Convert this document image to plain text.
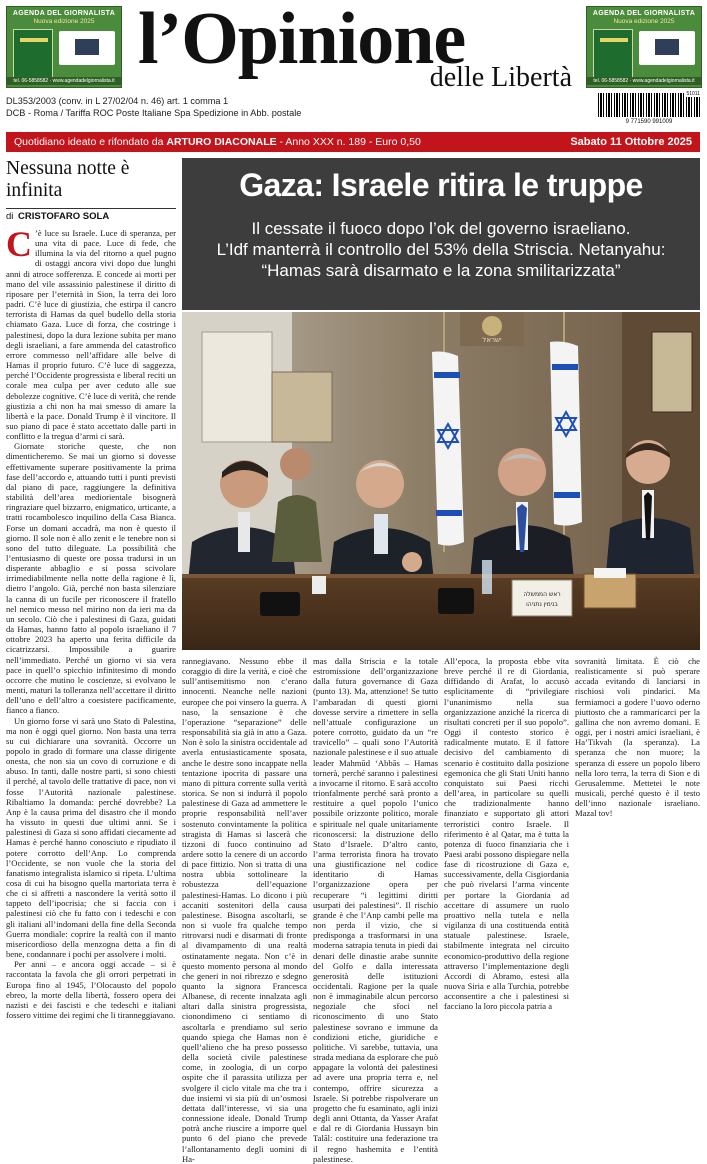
AGENDA DEL GIORNALISTA
Nuova edizione 2025
tel. 06-5858582 · www.agendadelgiornalista.it
l’Opinione
delle Libertà
AGENDA DEL GIORNALISTA
Nuova edizione 2025
tel. 06-5858582 · www.agendadelgiornalista.it
DL353/2003 (conv. in L 27/02/04 n. 46) art. 1 comma 1
DCB - Roma / Tariffa ROC Poste Italiane Spa Spedizione in Abb. postale
51011
9 771590 991009
Quotidiano ideato e rifondato da ARTURO DIACONALE - Anno XXX n. 189 - Euro 0,50	Sabato 11 Ottobre 2025
Nessuna notte è infinita
di CRISTOFARO SOLA

C ’è luce su Israele. Luce di speranza, per una vita di pace. Luce di fede, che illumina la via del ritorno a quel pugno di ostaggi ancora vivi dopo due lunghi anni di atroce sofferenza. E concede ai morti per mano del vile assassinio palestinese il diritto di riposare per l’eternità in Sion, la terra dei loro padri. C’è luce di giustizia, che estirpa il cancro terrorista di Hamas da quel budello della storia chiamato Gaza. Luce di forza, che costringe i palestinesi, dopo la dura lezione subita per mano degli israeliani, a fare ammenda del catastrofico errore commesso nell’affidare alle belve di Hamas il proprio futuro. C’è luce di saggezza, perché l’Occidente progressista e liberal reciti un corale mea culpa per aver ceduto alle sue debolezze cognitive. C’è luce di verità, che rende giustizia a chi non ha mai smesso di amare la libertà e la pace. Donald Trump è il vincitore. Il suo piano di pace è stato accettato dalle parti in conflitto e la tregua d’armi ci sarà.

Giornate storiche queste, che non dimenticheremo. Se mai un giorno si dovesse effettivamente superare positivamente la prima fase dell’accordo e, attuando tutti i punti previsti dal piano di pace, raggiungere la definitiva stabilità dell’area mediorientale bisognerà ringraziare quel bizzarro, enigmatico, urticante, a tratti rocambolesco inquilino della Casa Bianca. Forse un domani accadrà, ma non è questo il giorno. Il sole non è allo zenit e le tenebre non si sono del tutto dileguate. La possibilità che l’entusiasmo di queste ore possa tradursi in un disperante abbaglio e si possa scivolare irrimediabilmente nella notte della ragione è lì, dietro l’angolo. Già, perché non basta silenziare la canna di un fucile per riconoscere il fratello nel nemico messo nel mirino non da ieri ma da un secolo. Ciò che i palestinesi di Gaza, guidati da Hamas, hanno fatto al popolo israeliano il 7 ottobre 2023 ha aperto una ferita difficile da cicatrizzarsi. Impossibile a guarire nell’immediato. Perché un giorno vi sia vera pace in quell’o spicchio infinitesimo di mondo occorre che mutino le coscienze, si evolvano le menti, maturi la tolleranza nell’accettare il diritto dell’uno e dell’altro a coesistere pacificamente, fianco a fianco.

Un giorno forse vi sarà uno Stato di Palestina, ma non è oggi quel giorno. Non basta una terra su cui dichiarare una sovranità. Occorre un popolo in grado di formare una classe dirigente onesta, che non sia un covo di corruzione e di abuso. In tanti, dalle nostre parti, si sono chiesti il perché, al tavolo delle trattative di pace, non vi fosse l’Autorità nazionale palestinese. Ribaltiamo la domanda: perché dovrebbe? La Anp è la causa prima del disastro che il mondo ha vissuto in questi due ultimi anni. Se i palestinesi di Gaza si sono affidati ciecamente ad Hamas è perché hanno conosciuto e ripudiato il potere corrotto dell’Anp. Lo comprenda l’Occidente, se non vuole che la storia del fanatismo integralista islamico si ripeta. L’ultima cosa di cui ha bisogno quella martoriata terra è che ci si affretti a nascondere la verità sotto il tappeto dell’ipocrisia; che si faccia con i palestinesi ciò che fu fatto con i tedeschi e con gli italiani all’indomani della fine della Seconda Guerra mondiale: coprire la realtà con il manto misericordioso della menzogna detta a fin di bene, condannare i pochi per assolvere i molti.

Per anni – e ancora oggi accade – si è raccontata la favola che gli orrori perpetrati in Europa fino al 1945, l’Olocausto del popolo ebreo, la morte della libertà, fossero opera dei nazisti e dei fascisti e che tedeschi e italiani fossero vittime dei regimi che li tiranneggiavano.

Gaza: Israele ritira le truppe
Il cessate il fuoco dopo l’ok del governo israeliano.
L’Idf manterrà il controllo del 53% della Striscia. Netanyahu:
“Hamas sarà disarmato e la zona smilitarizzata”
ישראל
ראש הממשלה
בנימין נתניהו

rannegiavano. Nessuno ebbe il coraggio di dire la verità, e cioè che sull’antisemitismo non c’erano innocenti. Neanche nelle nazioni europee che poi vinsero la guerra. A naso, la sensazione è che l’operazione “separazione” delle responsabilità sia già in atto a Gaza. Non è solo la sinistra occidentale ad averla entusiasticamente sposata, anche le destre sono incappate nella tentazione ipocrita di passare una mano di pittura corrente sulla verità storica. Se non si indurrà il popolo palestinese di Gaza ad ammettere le proprie responsabilità nell’aver sostenuto convintamente la politica stragista di Hamas si lascerà che tizzoni di fuoco continuino ad ardere sotto la cenere di un accordo di pace fittizio. Non si tratta di una nostra ubbia sottolineare la robustezza dell’equazione palestinesi-Hamas. Lo dicono i più accaniti sostenitori della causa palestinese. Bisogna ascoltarli, se non si vuole fra qualche tempo ritrovarsi nudi e disarmati di fronte al divampamento di una realtà ostinatamente negata. Non c’è in questo momento persona al mondo che generi in noi ribrezzo e sdegno quanto la signora Francesca Albanese, di recente innalzata agli altari dalla sinistra progressista, cionondimeno ci sentiamo di ascoltarla e prendiamo sul serio quando spiega che Hamas non è quell’alieno che ha preso possesso della società civile palestinese come, in zoologia, di un corpo ospite che il parassita utilizza per svolgere il ciclo vitale ma che tra i due insiemi vi sia più di un’osmosi dettata dall’interesse, vi sia una connessione ideale. Donald Trump potrà anche riuscire a imporre quel punto 6 del piano che prevede l’allontanamento degli uomini di Ha-

mas dalla Striscia e la totale estromissione dell’organizzazione dalla futura governance di Gaza (punto 13). Ma, attenzione! Se tutto l’ambaradan di questi giorni dovesse servire a rimettere in sella nell’attuale configurazione un potere corrotto, guidato da un “re travicello” – quali sono l’Autorità nazionale palestinese e il suo attuale leader Mahmūd ‘Abbās – Hamas tornerà, perché saranno i palestinesi a invocarne il ritorno. E sarà accolto trionfalmente perché sarà pronto a restituire a quel popolo l’unico possibile orizzonte politico, morale e spirituale nel quale unitariamente riconoscersi: la distruzione dello Stato d’Israele. D’altro canto, l’arma terrorista finora ha trovato una giustificazione nel codice identitario di Hamas l’organizzazione opera per recuperare “i legittimi diritti usurpati dei palestinesi”. Il rischio grande è che l’Anp cambi pelle ma non perda il vizio, che si predisponga a trasformarsi in una moderna satrapia tenuta in piedi dai denari delle dinastie arabe sunnite del Golfo e dalla interessata generosità delle istituzioni occidentali. Ragione per la quale non è immaginabile alcun percorso negoziale che sfoci nel riconoscimento di uno Stato palestinese sovrano e immune da condizioni etiche, giuridiche e politiche. Vi sarebbe, tuttavia, una strada mediana da esplorare che può appagare la volontà dei palestinesi ad avere una propria terra e, nel contempo, offrire sicurezza a Israele. Si potrebbe rispolverare un progetto che fu esaminato, agli inizi degli anni Ottanta, da Yasser Arafat e dal re di Giordania Hussayn bin Talāl: costituire una federazione tra il regno hashemita e l’entità palestinese.

All’epoca, la proposta ebbe vita breve perché il re di Giordania, diffidando di Arafat, lo accusò esplicitamente di “privilegiare l’unanimismo nella sua organizzazione anziché la ricerca di risultati concreti per il suo popolo”. Oggi il contesto storico è radicalmente mutato. E il fattore decisivo del cambiamento di scenario è costituito dalla posizione egemonica che gli Stati Uniti hanno conquistato sui Paesi ricchi dell’area, in particolare su quelli che tradizionalmente hanno finanziato e supportato gli attori terroristici contro Israele. Il riferimento è al Qatar, ma è tutta la potenza di fuoco finanziaria che i Paesi arabi possono dispiegare nella fase di ricostruzione di Gaza e, successivamente, della Cisgiordania che può rivelarsi l’arma vincente per portare la Giordania ad accettare di assumere un ruolo proattivo nella tutela e nella vigilanza di una costituenda entità statuale palestinese. Israele, stabilmente integrata nel circuito economico-produttivo della regione attraverso l’implementazione degli Accordi di Abramo, estesi alla nuova Siria e alla Turchia, potrebbe acconsentire a che i palestinesi si facciano la loro piccola patria a

sovranità limitata. È ciò che realisticamente si può sperare accada evitando di lanciarsi in rischiosi voli pindarici. Ma fermiamoci a godere l’uovo oderno piuttosto che a rammaricarci per la gallina che non avremo domani. E oggi, per i nostri amici israeliani, è Ha’Tikvah (la speranza). La speranza che non muore; la speranza di essere un popolo libero nella loro terra, la terra di Sion e di Gerusalemme. Mettetei le note musicali, perché questo è il testo dell’inno nazionale israeliano. Mazal tov!
